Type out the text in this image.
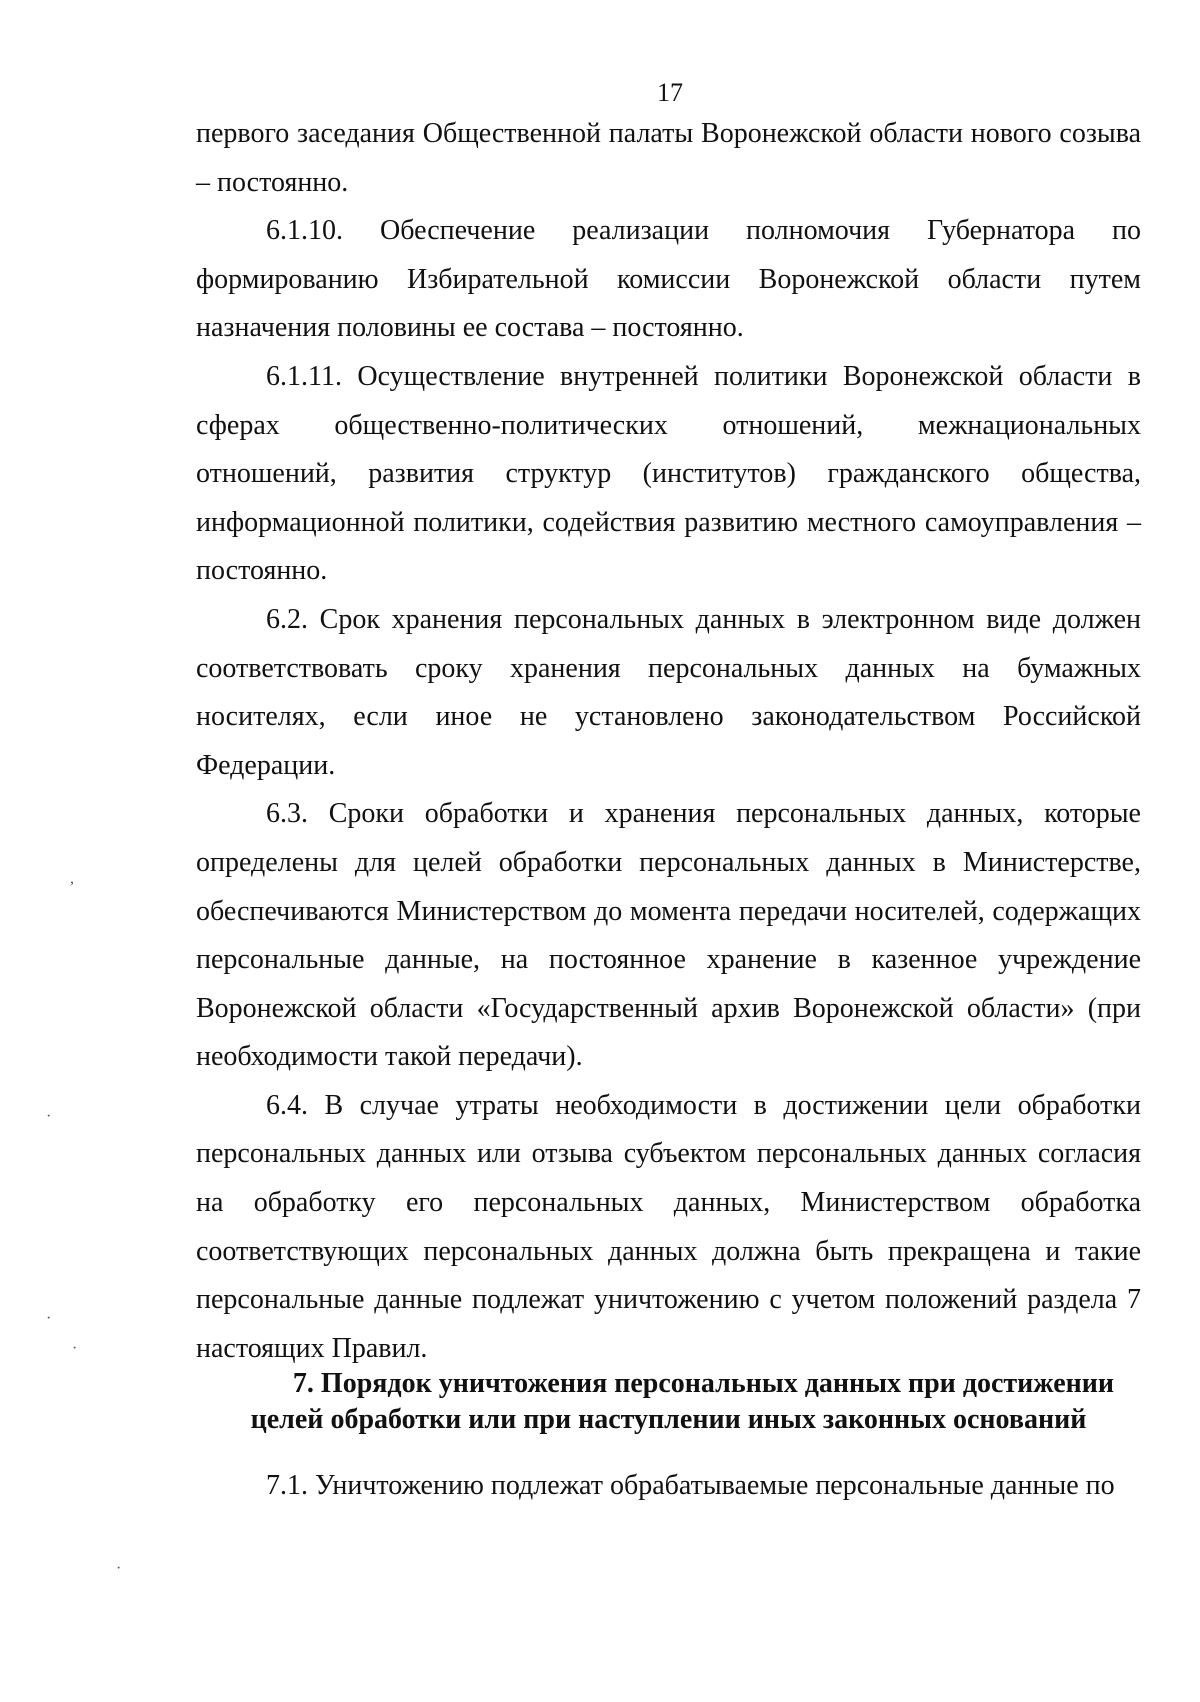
17

первого заседания Общественной палаты Воронежской области нового созыва – постоянно.

6.1.10. Обеспечение реализации полномочия Губернатора по формированию Избирательной комиссии Воронежской области путем назначения половины ее состава – постоянно.

6.1.11. Осуществление внутренней политики Воронежской области в сферах общественно-политических отношений, межнациональных отношений, развития структур (институтов) гражданского общества, информационной политики, содействия развитию местного самоуправления – постоянно.

6.2. Срок хранения персональных данных в электронном виде должен соответствовать сроку хранения персональных данных на бумажных носителях, если иное не установлено законодательством Российской Федерации.

6.3. Сроки обработки и хранения персональных данных, которые определены для целей обработки персональных данных в Министерстве, обеспечиваются Министерством до момента передачи носителей, содержащих персональные данные, на постоянное хранение в казенное учреждение Воронежской области «Государственный архив Воронежской области» (при необходимости такой передачи).

6.4. В случае утраты необходимости в достижении цели обработки персональных данных или отзыва субъектом персональных данных согласия на обработку его персональных данных, Министерством обработка соответствующих персональных данных должна быть прекращена и такие персональные данные подлежат уничтожению с учетом положений раздела 7 настоящих Правил.

7. Порядок уничтожения персональных данных при достижении
целей обработки или при наступлении иных законных оснований

7.1. Уничтожению подлежат обрабатываемые персональные данные по

,
·
·
·
·
